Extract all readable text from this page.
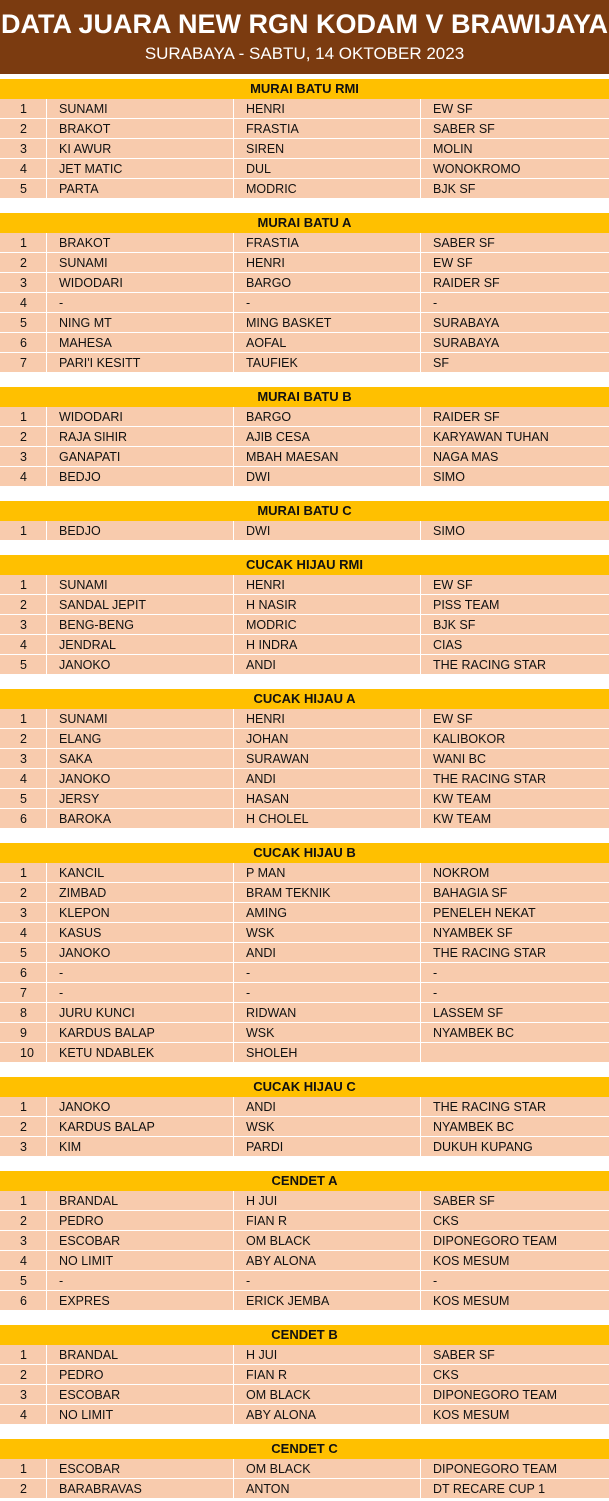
DATA JUARA NEW RGN KODAM V BRAWIJAYA
SURABAYA - SABTU, 14 OKTOBER 2023
MURAI BATU RMI
1	SUNAMI	HENRI	EW SF
2	BRAKOT	FRASTIA	SABER SF
3	KI AWUR	SIREN	MOLIN
4	JET MATIC	DUL	WONOKROMO
5	PARTA	MODRIC	BJK SF
MURAI BATU A
1	BRAKOT	FRASTIA	SABER SF
2	SUNAMI	HENRI	EW SF
3	WIDODARI	BARGO	RAIDER SF
4	-	-	-
5	NING MT	MING BASKET	SURABAYA
6	MAHESA	AOFAL	SURABAYA
7	PARI'I KESITT	TAUFIEK	SF
MURAI BATU B
1	WIDODARI	BARGO	RAIDER SF
2	RAJA SIHIR	AJIB CESA	KARYAWAN TUHAN
3	GANAPATI	MBAH MAESAN	NAGA MAS
4	BEDJO	DWI	SIMO
MURAI BATU C
1	BEDJO	DWI	SIMO
CUCAK HIJAU RMI
1	SUNAMI	HENRI	EW SF
2	SANDAL JEPIT	H NASIR	PISS TEAM
3	BENG-BENG	MODRIC	BJK SF
4	JENDRAL	H INDRA	CIAS
5	JANOKO	ANDI	THE RACING STAR
CUCAK HIJAU A
1	SUNAMI	HENRI	EW SF
2	ELANG	JOHAN	KALIBOKOR
3	SAKA	SURAWAN	WANI BC
4	JANOKO	ANDI	THE RACING STAR
5	JERSY	HASAN	KW TEAM
6	BAROKA	H CHOLEL	KW TEAM
CUCAK HIJAU B
1	KANCIL	P MAN	NOKROM
2	ZIMBAD	BRAM TEKNIK	BAHAGIA SF
3	KLEPON	AMING	PENELEH NEKAT
4	KASUS	WSK	NYAMBEK SF
5	JANOKO	ANDI	THE RACING STAR
6	-	-	-
7	-	-	-
8	JURU KUNCI	RIDWAN	LASSEM SF
9	KARDUS BALAP	WSK	NYAMBEK BC
10	KETU NDABLEK	SHOLEH
CUCAK HIJAU C
1	JANOKO	ANDI	THE RACING STAR
2	KARDUS BALAP	WSK	NYAMBEK BC
3	KIM	PARDI	DUKUH KUPANG
CENDET A
1	BRANDAL	H JUI	SABER SF
2	PEDRO	FIAN R	CKS
3	ESCOBAR	OM BLACK	DIPONEGORO TEAM
4	NO LIMIT	ABY ALONA	KOS MESUM
5	-	-	-
6	EXPRES	ERICK JEMBA	KOS MESUM
CENDET B
1	BRANDAL	H JUI	SABER SF
2	PEDRO	FIAN R	CKS
3	ESCOBAR	OM BLACK	DIPONEGORO TEAM
4	NO LIMIT	ABY ALONA	KOS MESUM
CENDET C
1	ESCOBAR	OM BLACK	DIPONEGORO TEAM
2	BARABRAVAS	ANTON	DT RECARE CUP 1
